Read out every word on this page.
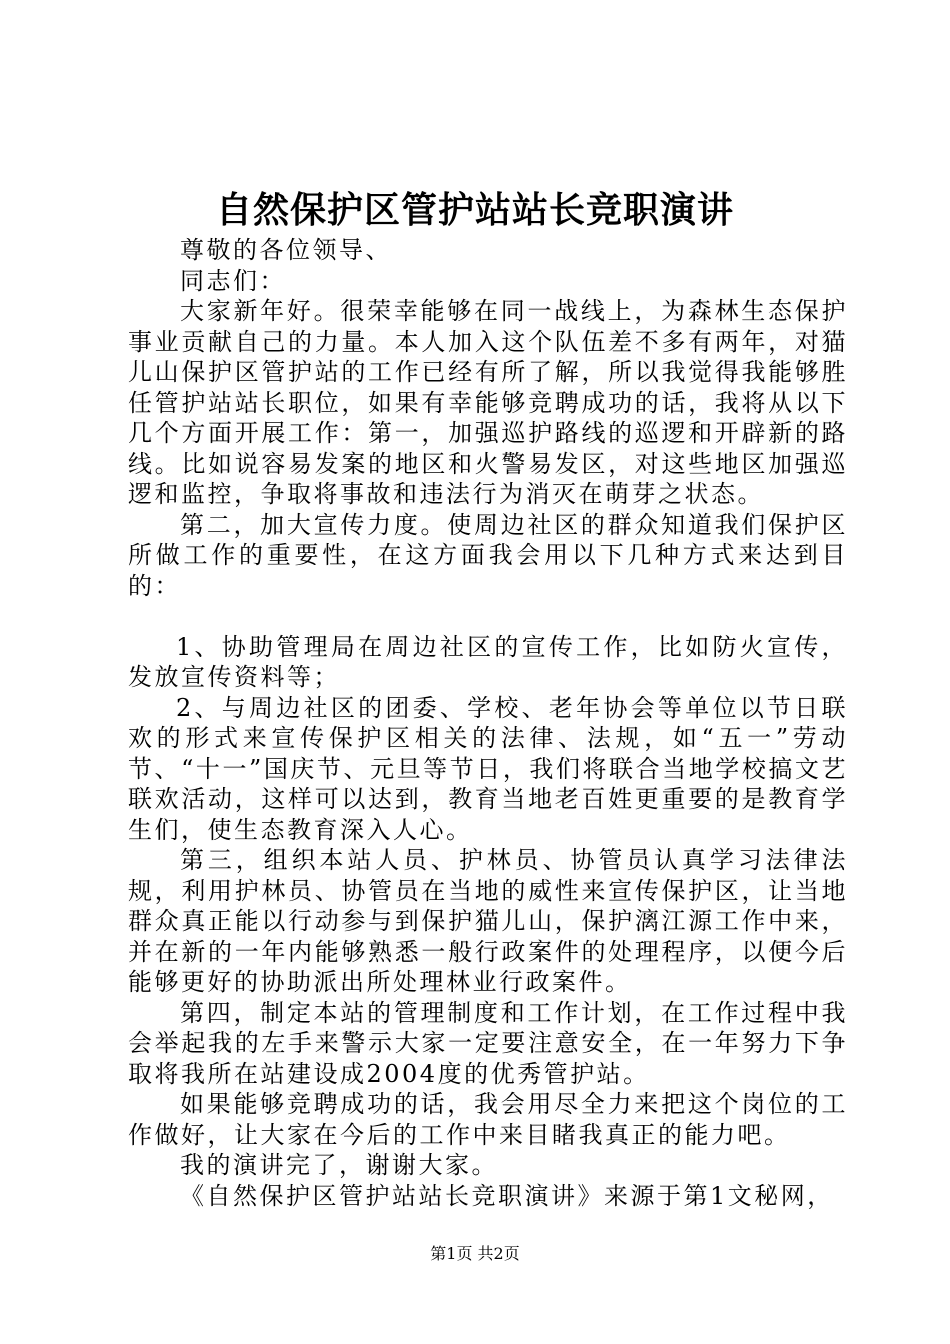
自然保护区管护站站长竞职演讲

尊敬的各位领导、

同志们：

大家新年好。很荣幸能够在同一战线上，为森林生态保护事业贡献自己的力量。本人加入这个队伍差不多有两年，对猫儿山保护区管护站的工作已经有所了解，所以我觉得我能够胜任管护站站长职位，如果有幸能够竞聘成功的话，我将从以下几个方面开展工作：第一，加强巡护路线的巡逻和开辟新的路线。比如说容易发案的地区和火警易发区，对这些地区加强巡逻和监控，争取将事故和违法行为消灭在萌芽之状态。

第二，加大宣传力度。使周边社区的群众知道我们保护区所做工作的重要性，在这方面我会用以下几种方式来达到目的：

1、协助管理局在周边社区的宣传工作，比如防火宣传，发放宣传资料等；

2、与周边社区的团委、学校、老年协会等单位以节日联欢的形式来宣传保护区相关的法律、法规，如“五一”劳动节、“十一”国庆节、元旦等节日，我们将联合当地学校搞文艺联欢活动，这样可以达到，教育当地老百姓更重要的是教育学生们，使生态教育深入人心。

第三，组织本站人员、护林员、协管员认真学习法律法规，利用护林员、协管员在当地的威性来宣传保护区，让当地群众真正能以行动参与到保护猫儿山，保护漓江源工作中来，并在新的一年内能够熟悉一般行政案件的处理程序，以便今后能够更好的协助派出所处理林业行政案件。

第四，制定本站的管理制度和工作计划，在工作过程中我会举起我的左手来警示大家一定要注意安全，在一年努力下争取将我所在站建设成2004度的优秀管护站。

如果能够竞聘成功的话，我会用尽全力来把这个岗位的工作做好，让大家在今后的工作中来目睹我真正的能力吧。

我的演讲完了，谢谢大家。

《自然保护区管护站站长竞职演讲》来源于第1文秘网，

第1页 共2页
